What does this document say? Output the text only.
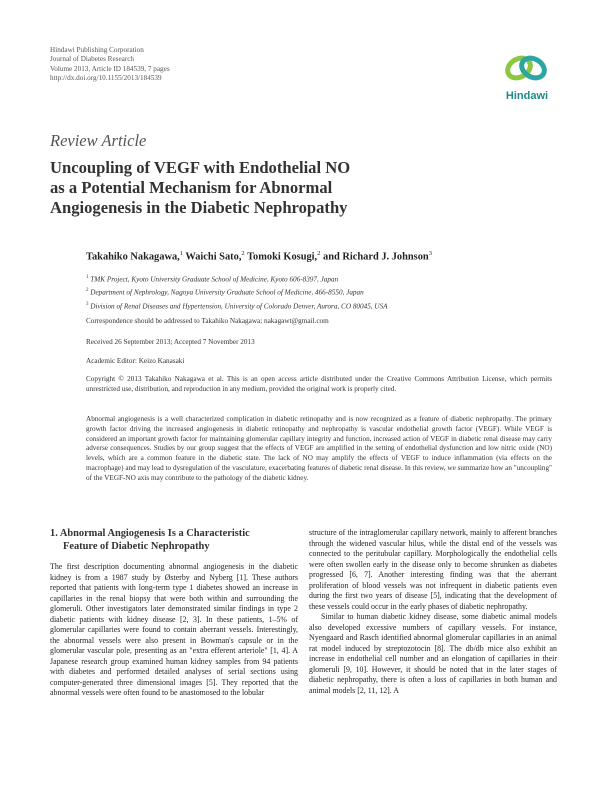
Hindawi Publishing Corporation
Journal of Diabetes Research
Volume 2013, Article ID 184539, 7 pages
http://dx.doi.org/10.1155/2013/184539
Hindawi
Review Article
Uncoupling of VEGF with Endothelial NO
as a Potential Mechanism for Abnormal
Angiogenesis in the Diabetic Nephropathy
Takahiko Nakagawa,$^1$ Waichi Sato,$^2$ Tomoki Kosugi,$^2$ and Richard J. Johnson$^3$
$^1$ TMK Project, Kyoto University Graduate School of Medicine, Kyoto 606-8397, Japan
$^2$ Department of Nephrology, Nagoya University Graduate School of Medicine, 466-8550, Japan
$^3$ Division of Renal Diseases and Hypertension, University of Colorado Denver, Aurora, CO 80045, USA
Correspondence should be addressed to Takahiko Nakagawa; nakagawt@gmail.com
Received 26 September 2013; Accepted 7 November 2013
Academic Editor: Keizo Kanasaki
Copyright © 2013 Takahiko Nakagawa et al. This is an open access article distributed under the Creative Commons Attribution License, which permits unrestricted use, distribution, and reproduction in any medium, provided the original work is properly cited.
Abnormal angiogenesis is a well characterized complication in diabetic retinopathy and is now recognized as a feature of diabetic nephropathy. The primary growth factor driving the increased angiogenesis in diabetic retinopathy and nephropathy is vascular endothelial growth factor (VEGF). While VEGF is considered an important growth factor for maintaining glomerular capillary integrity and function, increased action of VEGF in diabetic renal disease may carry adverse consequences. Studies by our group suggest that the effects of VEGF are amplified in the setting of endothelial dysfunction and low nitric oxide (NO) levels, which are a common feature in the diabetic state. The lack of NO may amplify the effects of VEGF to induce inflammation (via effects on the macrophage) and may lead to dysregulation of the vasculature, exacerbating features of diabetic renal disease. In this review, we summarize how an "uncoupling" of the VEGF-NO axis may contribute to the pathology of the diabetic kidney.
1. Abnormal Angiogenesis Is a Characteristic
Feature of Diabetic Nephropathy

The first description documenting abnormal angiogenesis in the diabetic kidney is from a 1987 study by Østerby and Nyberg [1]. These authors reported that patients with long-term type 1 diabetes showed an increase in capillaries in the renal biopsy that were both within and surrounding the glomeruli. Other investigators later demonstrated similar findings in type 2 diabetic patients with kidney disease [2, 3]. In these patients, 1–5% of glomerular capillaries were found to contain aberrant vessels. Interestingly, the abnormal vessels were also present in Bowman's capsule or in the glomerular vascular pole, presenting as an "extra efferent arteriole" [1, 4]. A Japanese research group examined human kidney samples from 94 patients with diabetes and performed detailed analyses of serial sections using computer-generated three dimensional images [5]. They reported that the abnormal vessels were often found to be anastomosed to the lobular

structure of the intraglomerular capillary network, mainly to afferent branches through the widened vascular hilus, while the distal end of the vessels was connected to the peritubular capillary. Morphologically the endothelial cells were often swollen early in the disease only to become shrunken as diabetes progressed [6, 7]. Another interesting finding was that the aberrant proliferation of blood vessels was not infrequent in diabetic patients even during the first two years of disease [5], indicating that the development of these vessels could occur in the early phases of diabetic nephropathy.

Similar to human diabetic kidney disease, some diabetic animal models also developed excessive numbers of capillary vessels. For instance, Nyengaard and Rasch identified abnormal glomerular capillaries in an animal rat model induced by streptozotocin [8]. The db/db mice also exhibit an increase in endothelial cell number and an elongation of capillaries in their glomeruli [9, 10]. However, it should be noted that in the later stages of diabetic nephropathy, there is often a loss of capillaries in both human and animal models [2, 11, 12]. A
